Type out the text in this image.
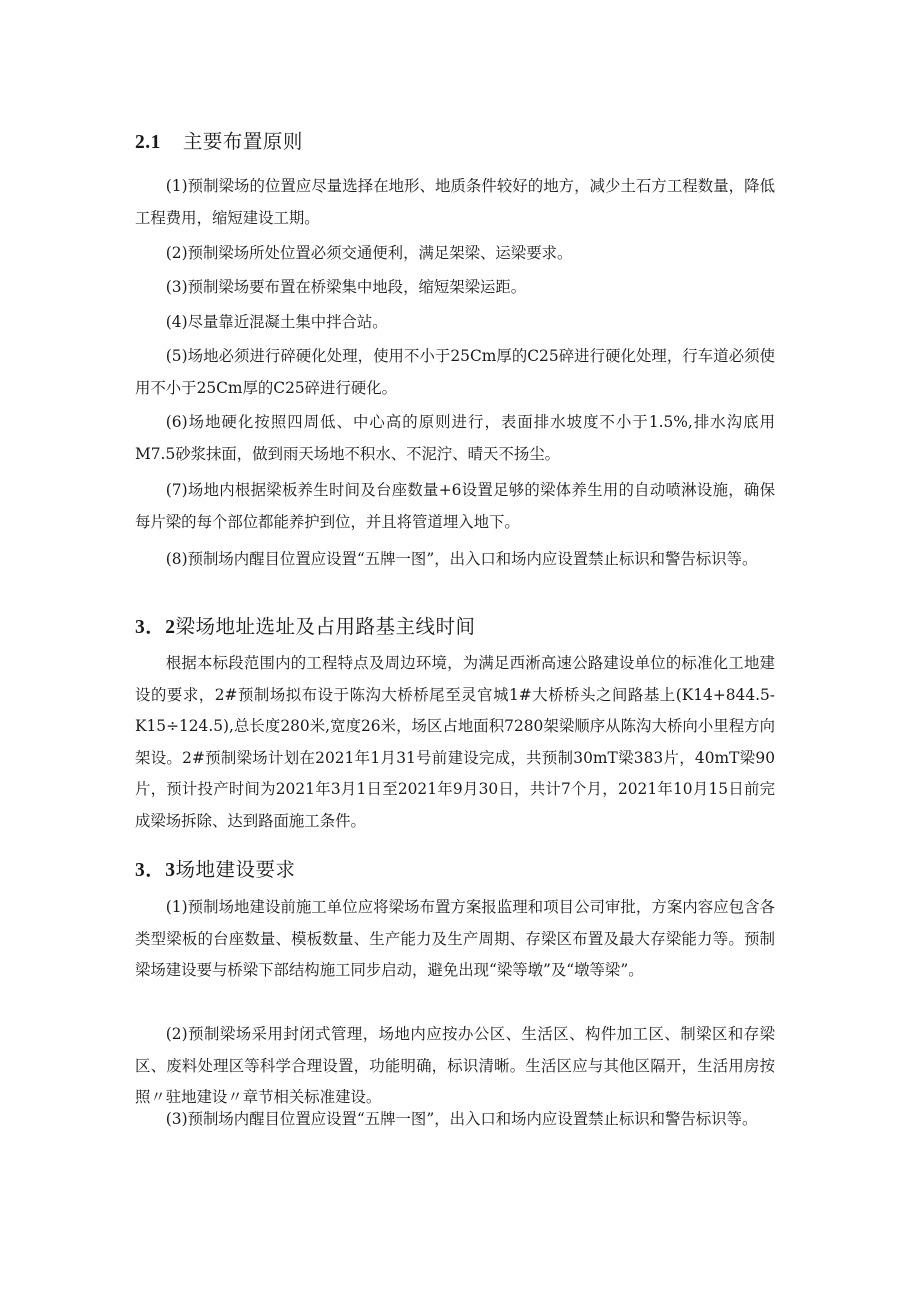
2.1 主要布置原则

(1)预制梁场的位置应尽量选择在地形、地质条件较好的地方，减少土石方工程数量，降低工程费用，缩短建设工期。

(2)预制梁场所处位置必须交通便利，满足架梁、运梁要求。

(3)预制梁场要布置在桥梁集中地段，缩短架梁运距。

(4)尽量靠近混凝土集中拌合站。

(5)场地必须进行碎硬化处理，使用不小于25Cm厚的C25碎进行硬化处理，行车道必须使用不小于25Cm厚的C25碎进行硬化。

(6)场地硬化按照四周低、中心高的原则进行，表面排水坡度不小于1.5%,排水沟底用M7.5砂浆抹面，做到雨天场地不积水、不泥泞、晴天不扬尘。

(7)场地内根据梁板养生时间及台座数量+6设置足够的梁体养生用的自动喷淋设施，确保每片梁的每个部位都能养护到位，并且将管道埋入地下。

(8)预制场内醒目位置应设置“五牌一图”，出入口和场内应设置禁止标识和警告标识等。

3．2梁场地址选址及占用路基主线时间

根据本标段范围内的工程特点及周边环境，为满足西淅高速公路建设单位的标准化工地建设的要求，2#预制场拟布设于陈沟大桥桥尾至灵官城1#大桥桥头之间路基上(K14+844.5-K15÷124.5),总长度280米,宽度26米，场区占地面积7280架梁顺序从陈沟大桥向小里程方向架设。2#预制梁场计划在2021年1月31号前建设完成，共预制30mT梁383片，40mT梁90片，预计投产时间为2021年3月1日至2021年9月30日，共计7个月，2021年10月15日前完成梁场拆除、达到路面施工条件。

3．3场地建设要求

(1)预制场地建设前施工单位应将梁场布置方案报监理和项目公司审批，方案内容应包含各类型梁板的台座数量、模板数量、生产能力及生产周期、存梁区布置及最大存梁能力等。预制梁场建设要与桥梁下部结构施工同步启动，避免出现“梁等墩”及“墩等梁”。

(2)预制梁场采用封闭式管理，场地内应按办公区、生活区、构件加工区、制梁区和存梁区、废料处理区等科学合理设置，功能明确，标识清晰。生活区应与其他区隔开，生活用房按照〃驻地建设〃章节相关标准建设。

(3)预制场内醒目位置应设置“五牌一图”，出入口和场内应设置禁止标识和警告标识等。
